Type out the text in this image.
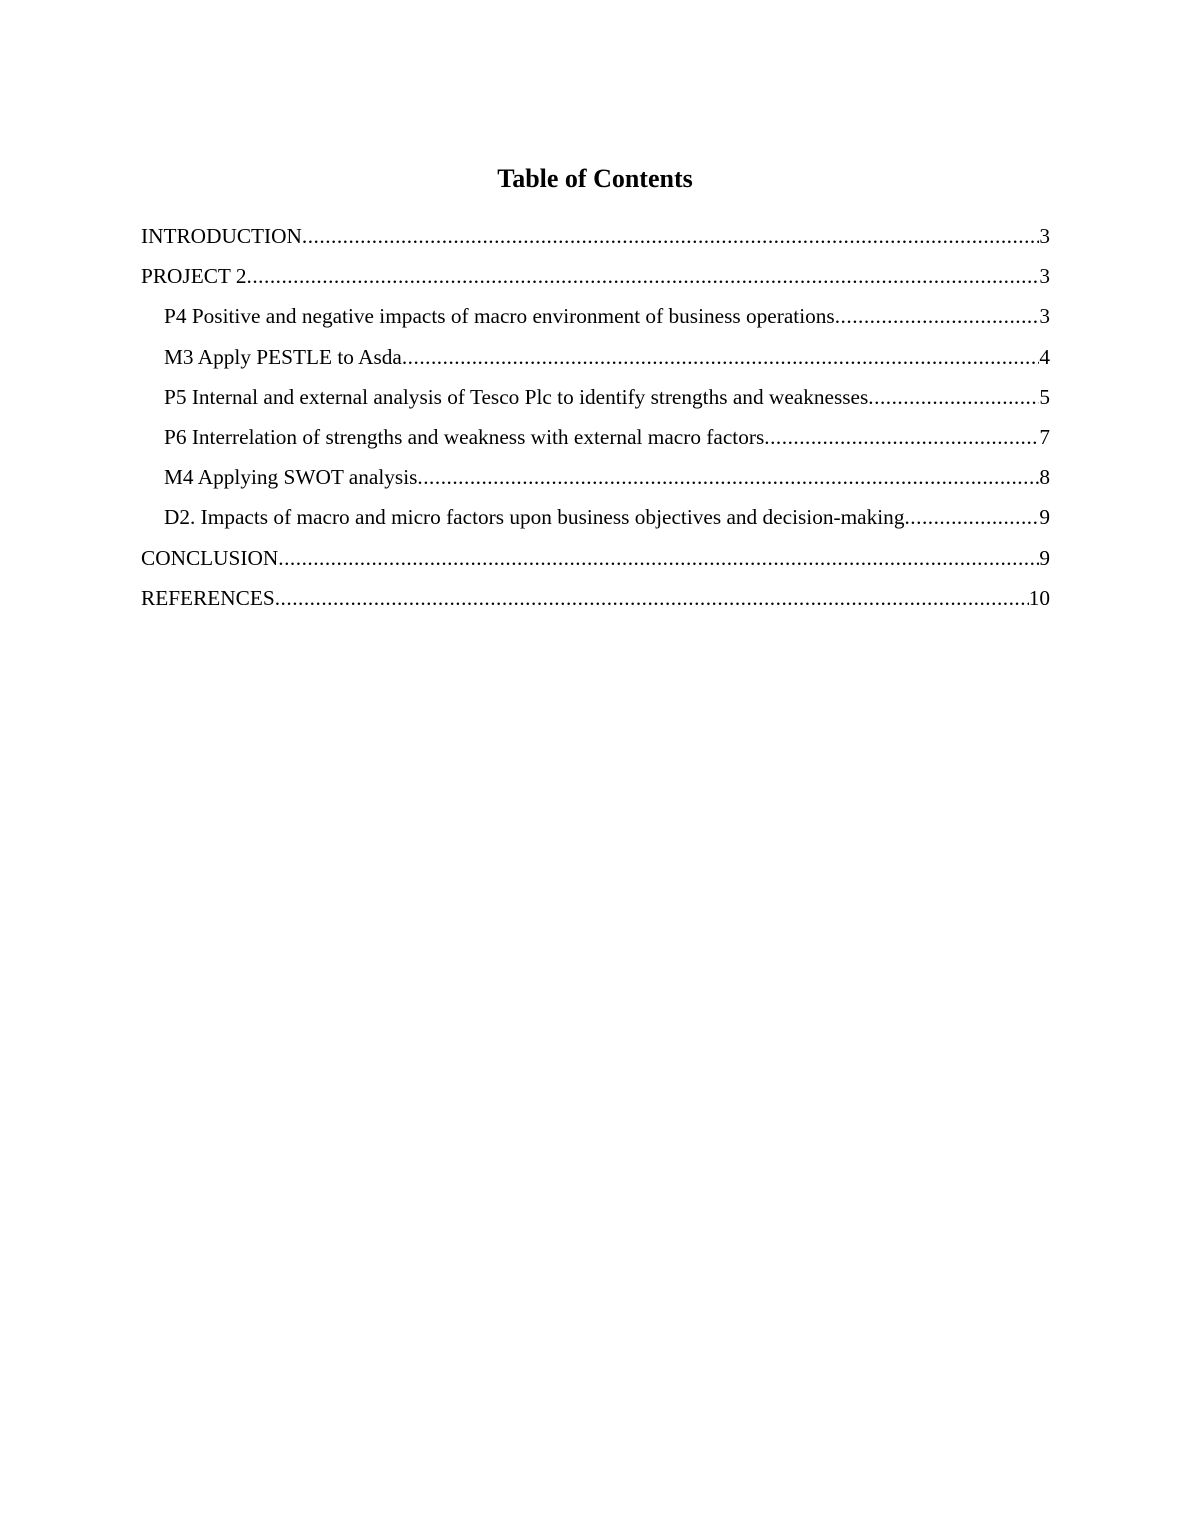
Table of Contents
INTRODUCTION .....	3
PROJECT 2 .....	3
P4 Positive and negative impacts of macro environment of business operations .....	3
M3 Apply PESTLE to Asda .....	4
P5 Internal and external analysis of Tesco Plc to identify strengths and weaknesses .....	5
P6 Interrelation of strengths and weakness with external macro factors .....	7
M4 Applying SWOT analysis .....	8
D2. Impacts of macro and micro factors upon business objectives and decision-making .....	9
CONCLUSION .....	9
REFERENCES .....	10
